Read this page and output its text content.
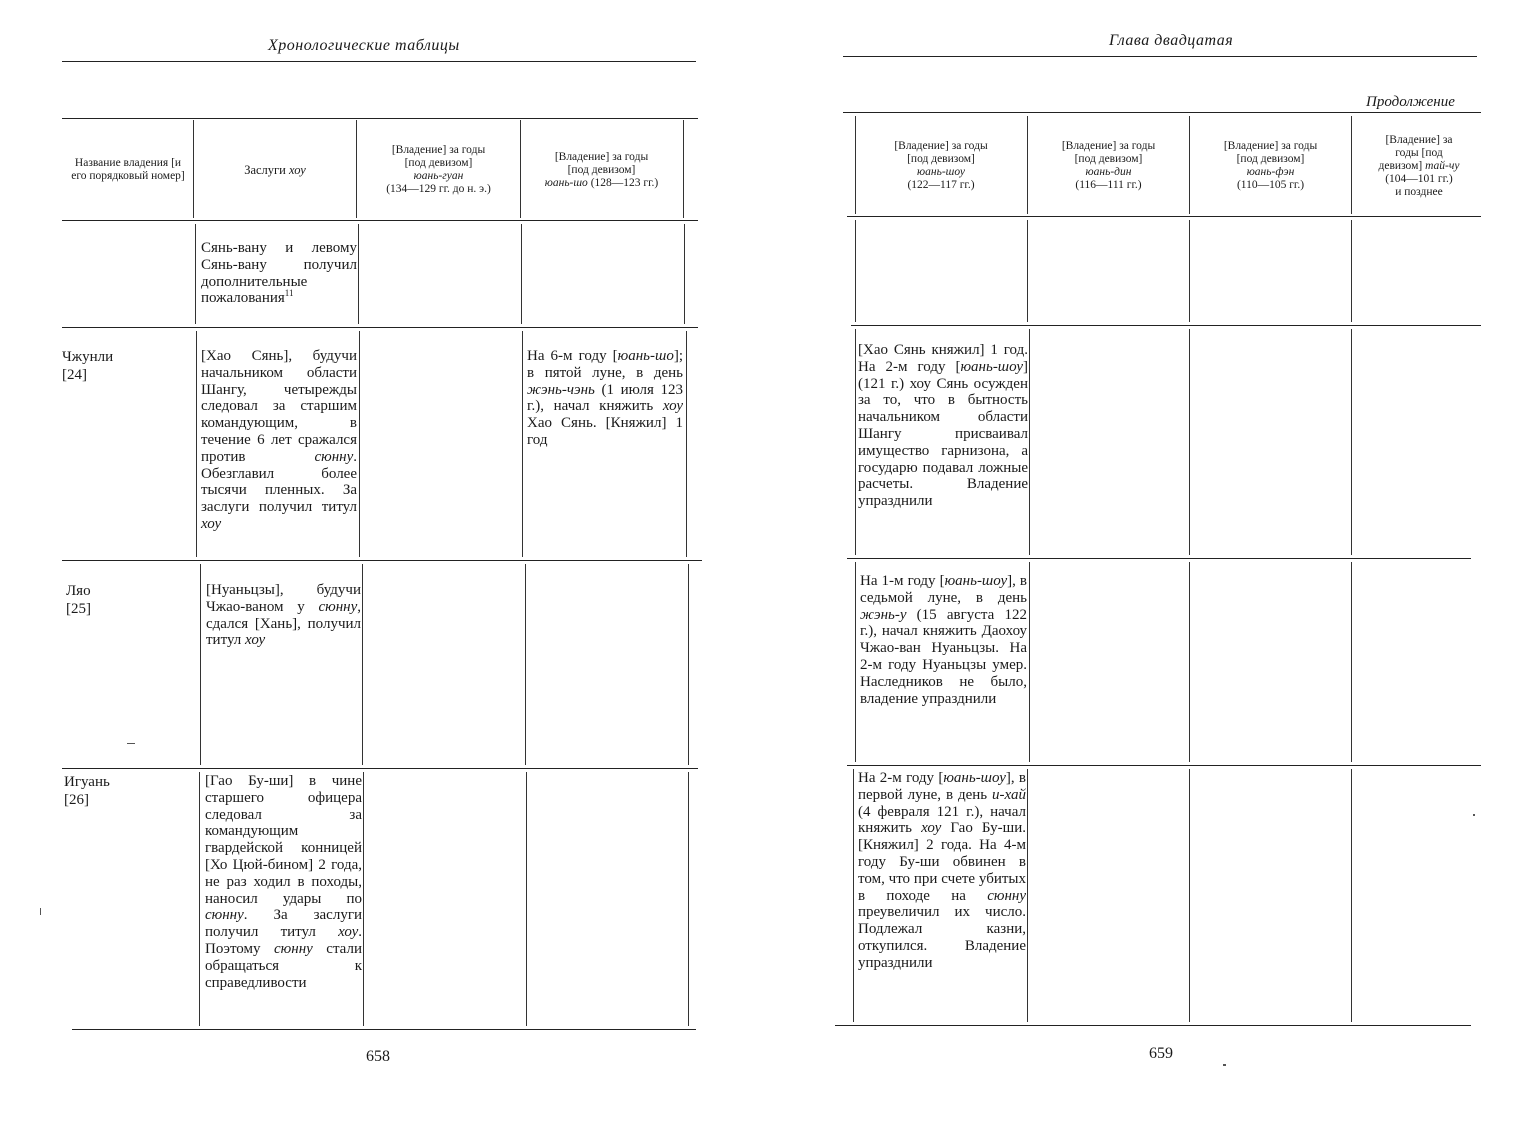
Хронологические таблицы
Название владения [и его порядковый номер]	Заслуги хоу
[Владение] за годы
[под девизом]
юань-гуан
(134—129 гг. до н. э.)
[Владение] за годы
[под девизом]
юань-шо (128—123 гг.)
Сянь-вану и левому Сянь-вану получил дополнительные пожалования$^{11}$
Чжунли
[24]
[Хао Сянь], будучи начальником области Шангу, четырежды следовал за старшим командующим, в течение 6 лет сражался против сюнну. Обезглавил более тысячи пленных. За заслуги получил титул хоу
На 6-м году [юань-шо]; в пятой луне, в день жэнь-чэнь (1 июля 123 г.), начал княжить хоу Хао Сянь. [Княжил] 1 год
Ляо
[25]
[Нуаньцзы], будучи Чжао-ваном у сюнну, сдался [Хань], получил титул хоу
Игуань
[26]
[Гао Бу-ши] в чине старшего офицера следовал за командующим гвардейской конницей [Хо Цюй-бином] 2 года, не раз ходил в походы, наносил удары по сюнну. За заслуги получил титул хоу. Поэтому сюнну стали обращаться к справедливости
658
Глава двадцатая
Продолжение
[Владение] за годы
[под девизом]
юань-шоу
(122—117 гг.)
[Владение] за годы
[под девизом]
юань-дин
(116—111 гг.)
[Владение] за годы
[под девизом]
юань-фэн
(110—105 гг.)
[Владение] за
годы [под
девизом] тай-чу
(104—101 гг.)
и позднее
[Хао Сянь княжил] 1 год. На 2-м году [юань-шоу] (121 г.) хоу Сянь осужден за то, что в бытность начальником области Шангу присваивал имущество гарнизона, а государю подавал ложные расчеты. Владение упразднили
На 1-м году [юань-шоу], в седьмой луне, в день жэнь-у (15 августа 122 г.), начал княжить Даохоу Чжао-ван Нуаньцзы. На 2-м году Нуаньцзы умер. Наследников не было, владение упразднили
На 2-м году [юань-шоу], в первой луне, в день и-хай (4 февраля 121 г.), начал княжить хоу Гао Бу-ши. [Княжил] 2 года. На 4-м году Бу-ши обвинен в том, что при счете убитых в походе на сюнну преувеличил их число. Подлежал казни, откупился. Владение упразднили
659
